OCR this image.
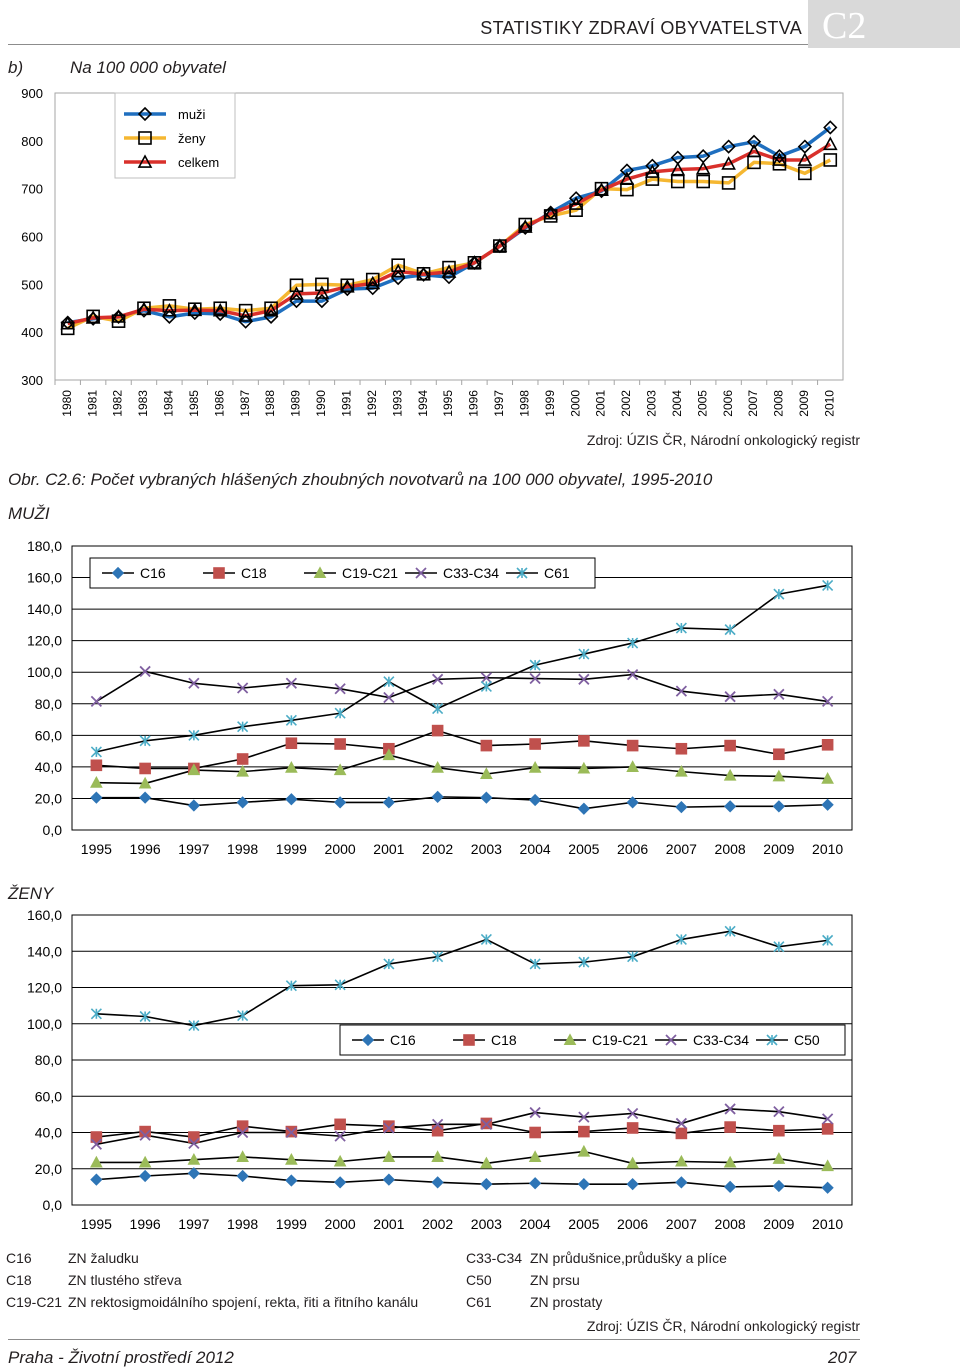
STATISTIKY ZDRAVÍ OBYVATELSTVA C2
b)	Na 100 000 obyvatel
300
400
500
600
700
800
900
1980 1981 1982 1983 1984 1985 1986 1987 1988 1989 1990 1991 1992 1993 1994 1995 1996 1997 1998 1999 2000 2001 2002 2003 2004 2005 2006 2007 2008 2009 2010
muži
ženy
celkem
Zdroj: ÚZIS ČR, Národní onkologický registr
Obr. C2.6: Počet vybraných hlášených zhoubných novotvarů na 100 000 obyvatel, 1995-2010
MUŽI
0,0
20,0
40,0
60,0
80,0
100,0
120,0
140,0
160,0
180,0
1995 1996 1997 1998 1999 2000 2001 2002 2003 2004 2005 2006 2007 2008 2009 2010
C16	C18	C19-C21	C33-C34	C61
ŽENY
0,0
20,0
40,0
60,0
80,0
100,0
120,0
140,0
160,0
1995 1996 1997 1998 1999 2000 2001 2002 2003 2004 2005 2006 2007 2008 2009 2010
C16	C18	C19-C21	C33-C34	C50
C16	ZN žaludku
C18	ZN tlustého střeva
C19-C21 ZN rektosigmoidálního spojení, rekta, řiti a řitního kanálu
C33-C34 ZN průdušnice,průdušky a plíce
C50	ZN prsu
C61	ZN prostaty
Zdroj: ÚZIS ČR, Národní onkologický registr
Praha - Životní prostředí 2012	207
